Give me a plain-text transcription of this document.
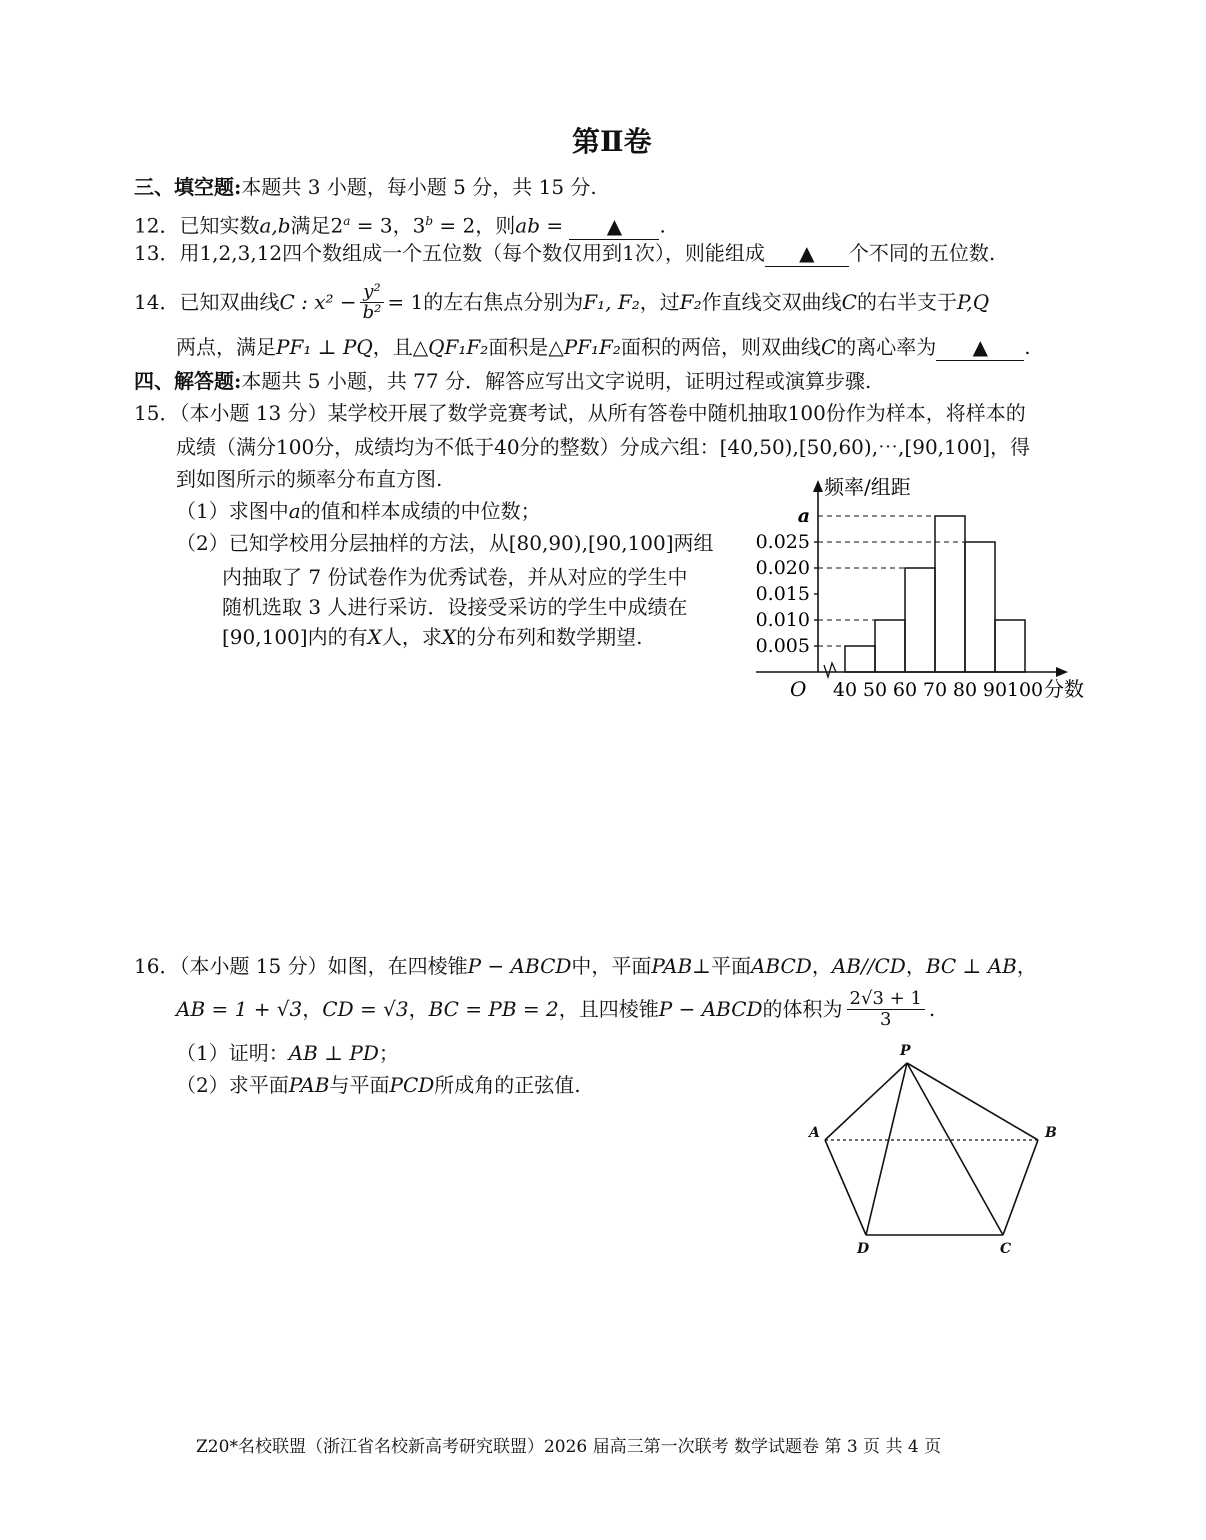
第Ⅱ卷
三、填空题:本题共 3 小题，每小题 5 分，共 15 分.
12．已知实数a,b满足$2^a = 3$，$3^b = 2$，则ab = ▲ .
13．用1,2,3,12四个数组成一个五位数（每个数仅用到1次），则能组成 ▲ 个不同的五位数.
14． 已知双曲线 C : $x^2 - \frac{\text{y²}}{\text{b²}} = 1$的左右焦点分别为 F₁, F₂ ，过 F₂ 作直线交双曲线 C 的右半支于 P,Q
两点，满足PF₁ ⊥ PQ，且△QF₁F₂面积是△PF₁F₂面积的两倍，则双曲线C的离心率为 ▲ .
四、解答题:本题共 5 小题，共 77 分．解答应写出文字说明，证明过程或演算步骤.
15．（本小题 13 分）某学校开展了数学竞赛考试，从所有答卷中随机抽取100份作为样本，将样本的
成绩（满分100分，成绩均为不低于40分的整数）分成六组：[40,50),[50,60),⋯,[90,100]，得
到如图所示的频率分布直方图.
（1）求图中a的值和样本成绩的中位数；
（2）已知学校用分层抽样的方法，从[80,90),[90,100]两组
内抽取了 7 份试卷作为优秀试卷，并从对应的学生中
随机选取 3 人进行采访．设接受采访的学生中成绩在
[90,100]内的有X人，求X的分布列和数学期望.
频率/组距
O
0.005
0.010
0.015
0.020
0.025
a
40 50 60 70 80 90 100 分数
16．（本小题 15 分）如图，在四棱锥P − ABCD中，平面PAB⊥平面ABCD，AB//CD，BC ⊥ AB，
AB = 1 + √3 ， CD = √3 ， BC = PB = 2 ，且四棱锥 P − ABCD 的体积为 $\frac{2√3 + 1}{3}$ .
（1）证明：AB ⊥ PD；
（2）求平面PAB与平面PCD所成角的正弦值.
P
A	B
C
D
Z20*名校联盟（浙江省名校新高考研究联盟）2026 届高三第一次联考 数学试题卷 第 3 页 共 4 页
